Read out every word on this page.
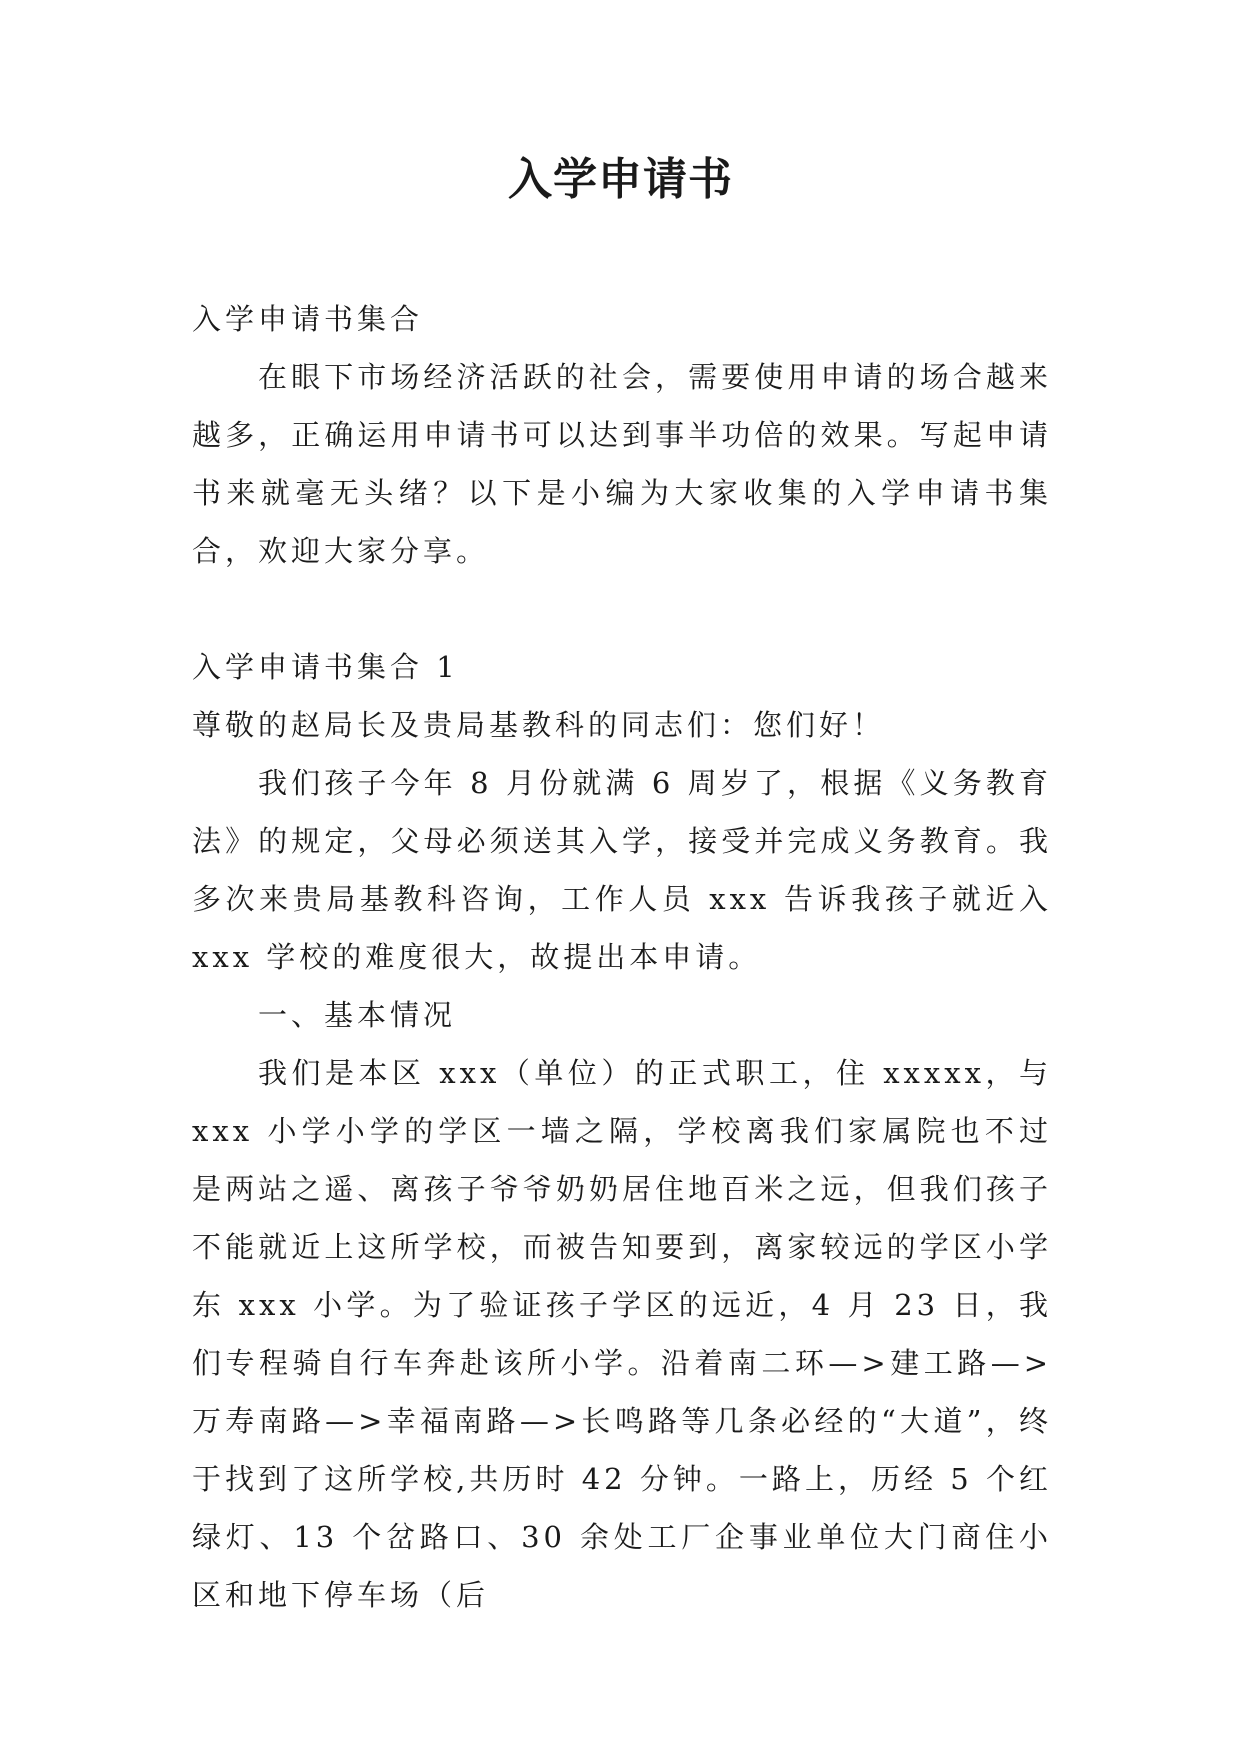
入学申请书

入学申请书集合

在眼下市场经济活跃的社会，需要使用申请的场合越来越多，正确运用申请书可以达到事半功倍的效果。写起申请书来就毫无头绪？以下是小编为大家收集的入学申请书集合，欢迎大家分享。

入学申请书集合 1

尊敬的赵局长及贵局基教科的同志们：您们好！

我们孩子今年 8 月份就满 6 周岁了，根据《义务教育法》的规定，父母必须送其入学，接受并完成义务教育。我多次来贵局基教科咨询，工作人员 xxx 告诉我孩子就近入 xxx 学校的难度很大，故提出本申请。

一、基本情况

我们是本区 xxx（单位）的正式职工，住 xxxxx，与 xxx 小学小学的学区一墙之隔，学校离我们家属院也不过是两站之遥、离孩子爷爷奶奶居住地百米之远，但我们孩子不能就近上这所学校，而被告知要到，离家较远的学区小学东 xxx 小学。为了验证孩子学区的远近，4 月 23 日，我们专程骑自行车奔赴该所小学。沿着南二环—>建工路—>万寿南路—>幸福南路—>长鸣路等几条必经的“大道”，终于找到了这所学校,共历时 42 分钟。一路上，历经 5 个红绿灯、13 个岔路口、30 余处工厂企事业单位大门商住小区和地下停车场（后
